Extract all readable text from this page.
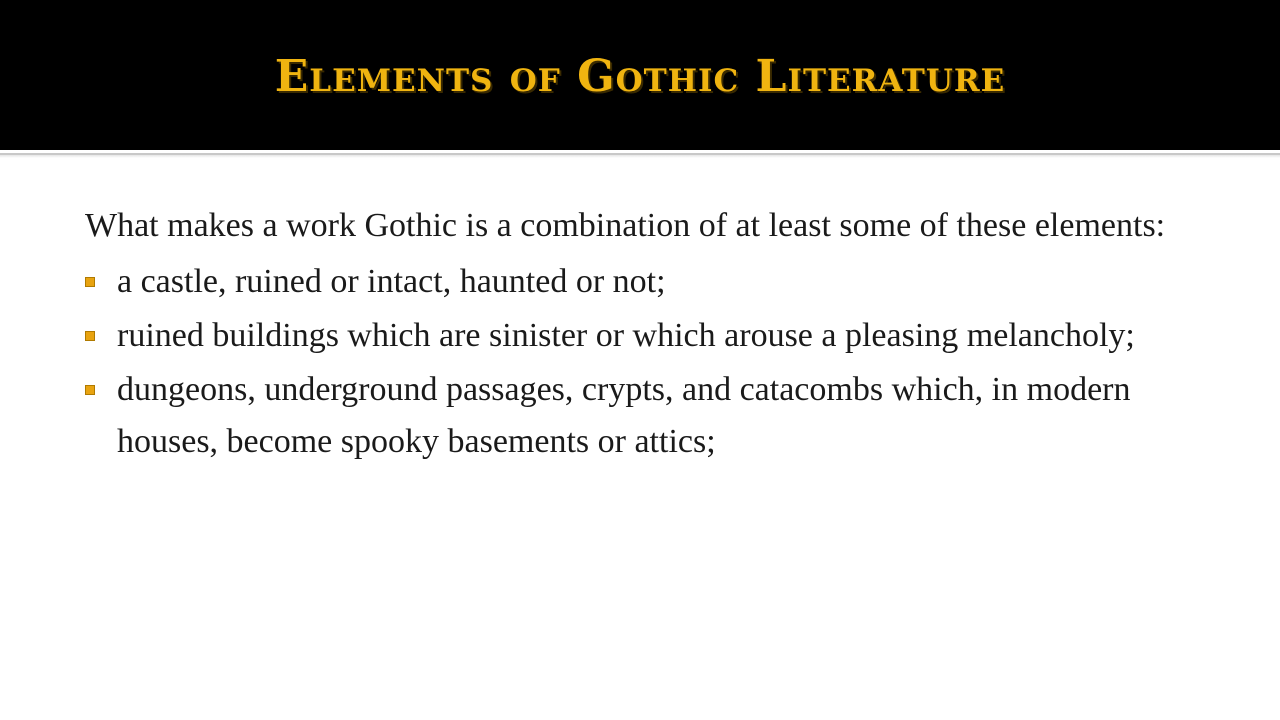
Elements of Gothic Literature

What makes a work Gothic is a combination of at least some of these elements:

a castle, ruined or intact, haunted or not;
ruined buildings which are sinister or which arouse a pleasing melancholy;
dungeons, underground passages, crypts, and catacombs which, in modern houses, become spooky basements or attics;
